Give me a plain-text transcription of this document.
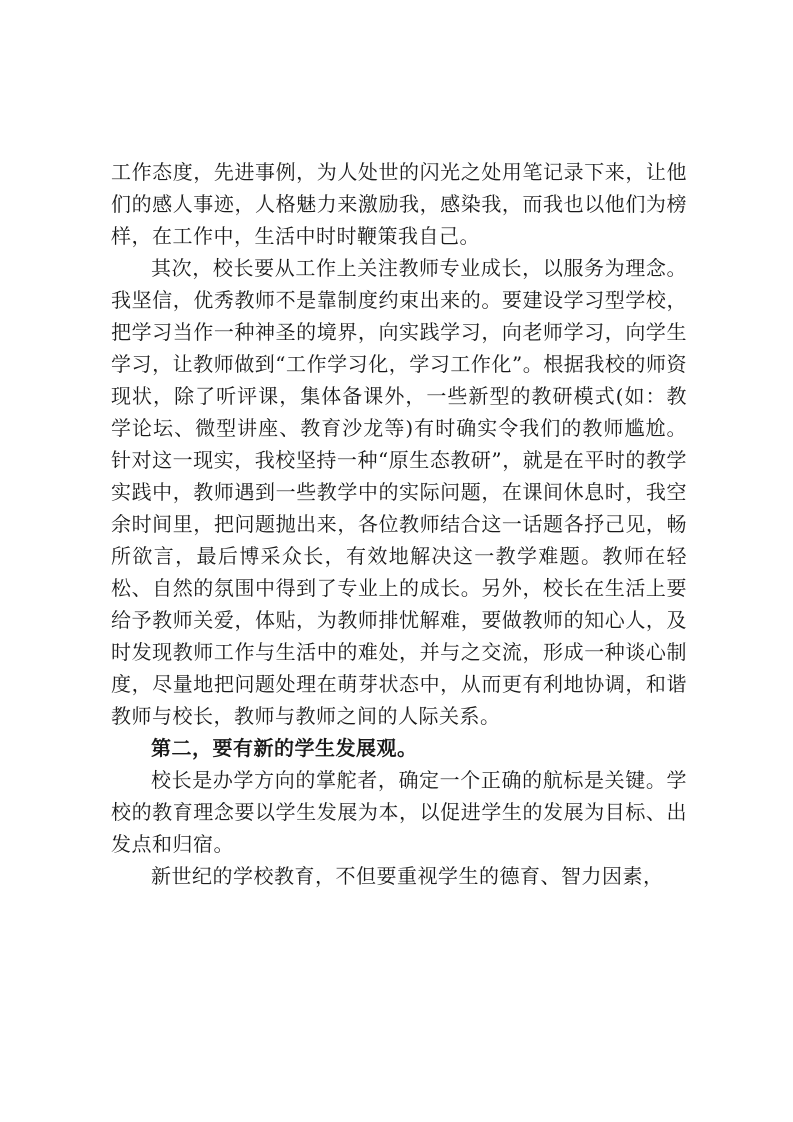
工作态度，先进事例，为人处世的闪光之处用笔记录下来，让他们的感人事迹，人格魅力来激励我，感染我，而我也以他们为榜样，在工作中，生活中时时鞭策我自己。

其次，校长要从工作上关注教师专业成长，以服务为理念。我坚信，优秀教师不是靠制度约束出来的。要建设学习型学校，把学习当作一种神圣的境界，向实践学习，向老师学习，向学生学习，让教师做到“工作学习化，学习工作化”。根据我校的师资现状，除了听评课，集体备课外，一些新型的教研模式(如：教学论坛、微型讲座、教育沙龙等)有时确实令我们的教师尴尬。针对这一现实，我校坚持一种“原生态教研”，就是在平时的教学实践中，教师遇到一些教学中的实际问题，在课间休息时，我空余时间里，把问题抛出来，各位教师结合这一话题各抒己见，畅所欲言，最后博采众长，有效地解决这一教学难题。教师在轻松、自然的氛围中得到了专业上的成长。另外，校长在生活上要给予教师关爱，体贴，为教师排忧解难，要做教师的知心人，及时发现教师工作与生活中的难处，并与之交流，形成一种谈心制度，尽量地把问题处理在萌芽状态中，从而更有利地协调，和谐教师与校长，教师与教师之间的人际关系。

第二，要有新的学生发展观。

校长是办学方向的掌舵者，确定一个正确的航标是关键。学校的教育理念要以学生发展为本，以促进学生的发展为目标、出发点和归宿。

新世纪的学校教育，不但要重视学生的德育、智力因素，
